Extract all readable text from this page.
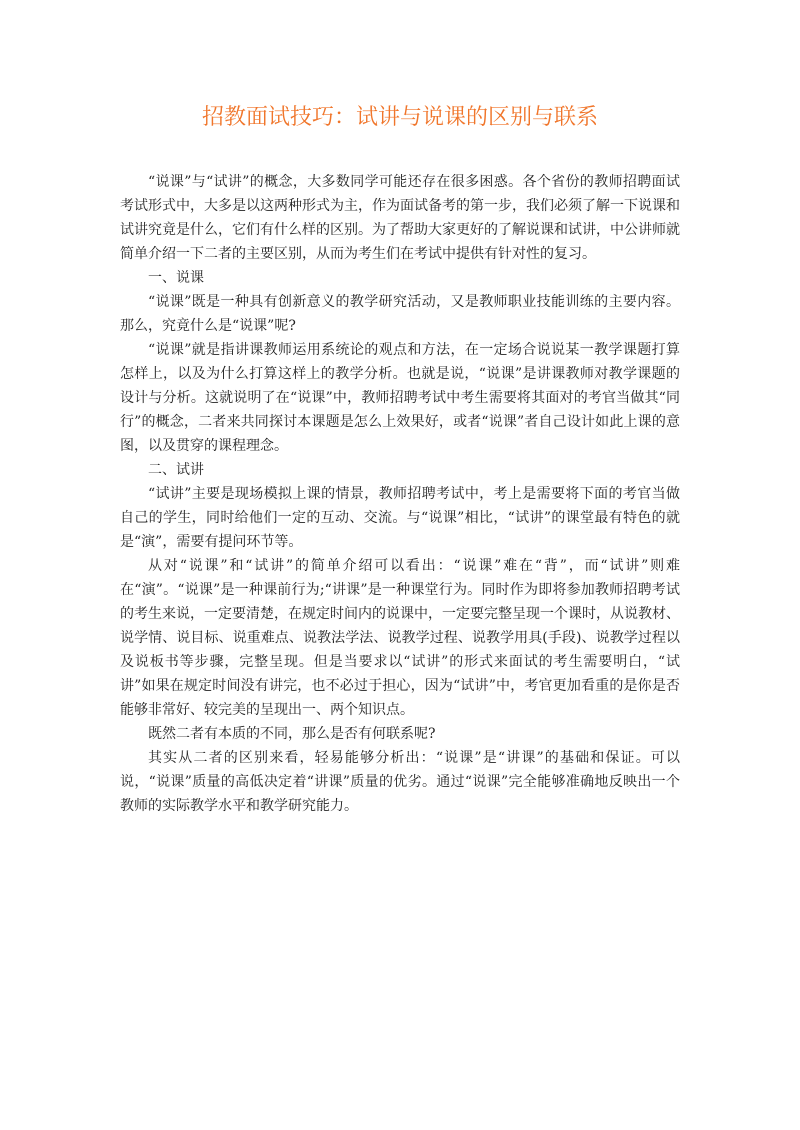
招教面试技巧：试讲与说课的区别与联系

“说课”与“试讲”的概念，大多数同学可能还存在很多困惑。各个省份的教师招聘面试考试形式中，大多是以这两种形式为主，作为面试备考的第一步，我们必须了解一下说课和试讲究竟是什么，它们有什么样的区别。为了帮助大家更好的了解说课和试讲，中公讲师就简单介绍一下二者的主要区别，从而为考生们在考试中提供有针对性的复习。

一、说课

“说课”既是一种具有创新意义的教学研究活动，又是教师职业技能训练的主要内容。那么，究竟什么是“说课”呢?

“说课”就是指讲课教师运用系统论的观点和方法，在一定场合说说某一教学课题打算怎样上，以及为什么打算这样上的教学分析。也就是说，“说课”是讲课教师对教学课题的设计与分析。这就说明了在“说课”中，教师招聘考试中考生需要将其面对的考官当做其“同行”的概念，二者来共同探讨本课题是怎么上效果好，或者“说课”者自己设计如此上课的意图，以及贯穿的课程理念。

二、试讲

“试讲”主要是现场模拟上课的情景，教师招聘考试中，考上是需要将下面的考官当做自己的学生，同时给他们一定的互动、交流。与“说课”相比，“试讲”的课堂最有特色的就是“演”，需要有提问环节等。

从对“说课”和“试讲”的简单介绍可以看出：“说课”难在“背”，而“试讲”则难在“演”。“说课”是一种课前行为;“讲课”是一种课堂行为。同时作为即将参加教师招聘考试的考生来说，一定要清楚，在规定时间内的说课中，一定要完整呈现一个课时，从说教材、说学情、说目标、说重难点、说教法学法、说教学过程、说教学用具(手段)、说教学过程以及说板书等步骤，完整呈现。但是当要求以“试讲”的形式来面试的考生需要明白，“试讲”如果在规定时间没有讲完，也不必过于担心，因为“试讲”中，考官更加看重的是你是否能够非常好、较完美的呈现出一、两个知识点。

既然二者有本质的不同，那么是否有何联系呢?

其实从二者的区别来看，轻易能够分析出：“说课”是“讲课”的基础和保证。可以说，“说课”质量的高低决定着“讲课”质量的优劣。通过“说课”完全能够准确地反映出一个教师的实际教学水平和教学研究能力。
